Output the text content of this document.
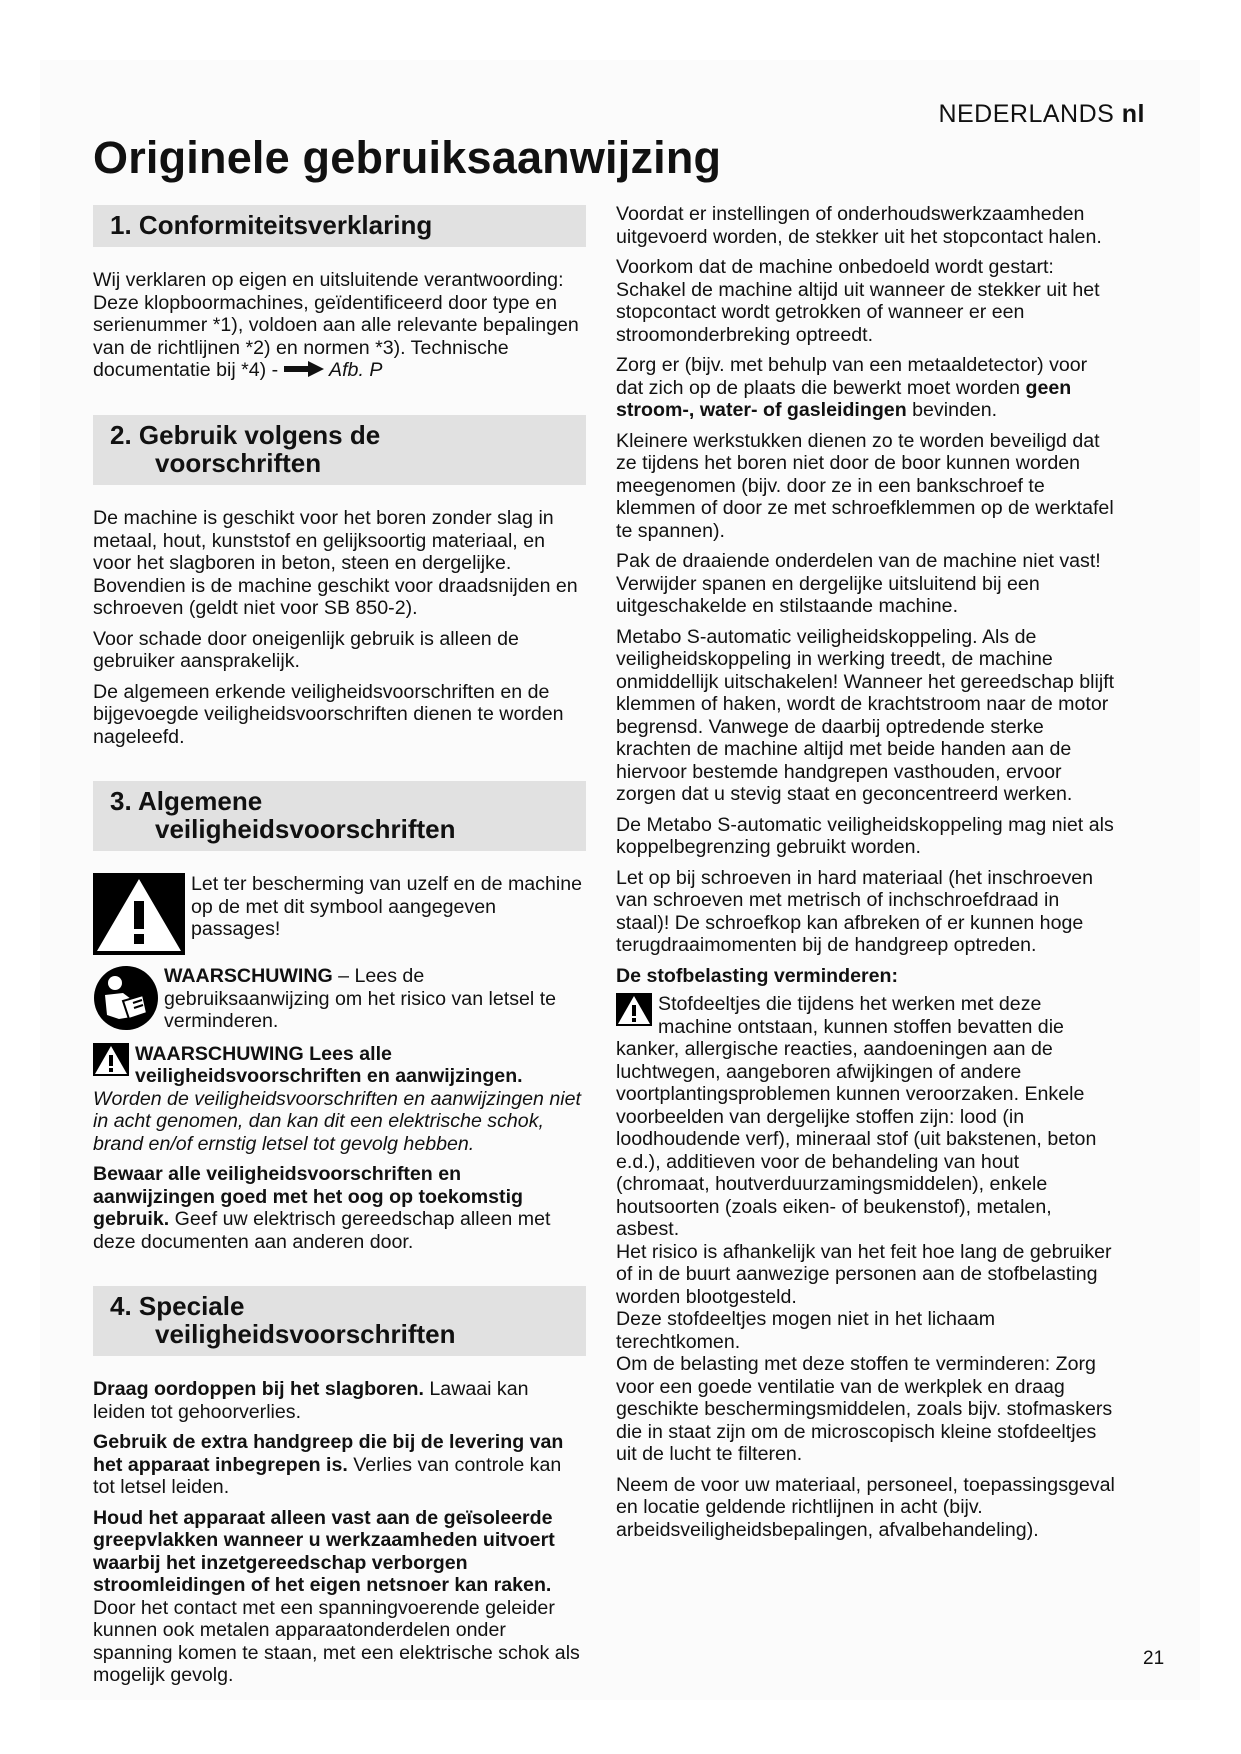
NEDERLANDS nl
Originele gebruiksaanwijzing
1. Conformiteitsverklaring

Wij verklaren op eigen en uitsluitende verantwoording: Deze klopboormachines, geïdentificeerd door type en serienummer *1), voldoen aan alle relevante bepalingen van de richtlijnen *2) en normen *3). Technische documentatie bij *4) -  Afb. P

2. Gebruik volgens de
voorschriften

De machine is geschikt voor het boren zonder slag in metaal, hout, kunststof en gelijksoortig materiaal, en voor het slagboren in beton, steen en dergelijke. Bovendien is de machine geschikt voor draadsnijden en schroeven (geldt niet voor SB 850-2).

Voor schade door oneigenlijk gebruik is alleen de gebruiker aansprakelijk.

De algemeen erkende veiligheidsvoorschriften en de bijgevoegde veiligheidsvoorschriften dienen te worden nageleefd.

3. Algemene
veiligheidsvoorschriften

Let ter bescherming van uzelf en de machine op de met dit symbool aangegeven passages!

WAARSCHUWING – Lees de gebruiksaanwijzing om het risico van letsel te verminderen.

WAARSCHUWING Lees alle veiligheidsvoorschriften en aanwijzingen. Worden de veiligheidsvoorschriften en aanwijzingen niet in acht genomen, dan kan dit een elektrische schok, brand en/of ernstig letsel tot gevolg hebben.

Bewaar alle veiligheidsvoorschriften en aanwijzingen goed met het oog op toekomstig gebruik. Geef uw elektrisch gereedschap alleen met deze documenten aan anderen door.

4. Speciale
veiligheidsvoorschriften

Draag oordoppen bij het slagboren. Lawaai kan leiden tot gehoorverlies.

Gebruik de extra handgreep die bij de levering van het apparaat inbegrepen is. Verlies van controle kan tot letsel leiden.

Houd het apparaat alleen vast aan de geïsoleerde greepvlakken wanneer u werkzaamheden uitvoert waarbij het inzetgereedschap verborgen stroomleidingen of het eigen netsnoer kan raken. Door het contact met een spanningvoerende geleider kunnen ook metalen apparaatonderdelen onder spanning komen te staan, met een elektrische schok als mogelijk gevolg.

Voordat er instellingen of onderhoudswerkzaamheden uitgevoerd worden, de stekker uit het stopcontact halen.

Voorkom dat de machine onbedoeld wordt gestart: Schakel de machine altijd uit wanneer de stekker uit het stopcontact wordt getrokken of wanneer er een stroomonderbreking optreedt.

Zorg er (bijv. met behulp van een metaaldetector) voor dat zich op de plaats die bewerkt moet worden geen stroom-, water- of gasleidingen bevinden.

Kleinere werkstukken dienen zo te worden beveiligd dat ze tijdens het boren niet door de boor kunnen worden meegenomen (bijv. door ze in een bankschroef te klemmen of door ze met schroefklemmen op de werktafel te spannen).

Pak de draaiende onderdelen van de machine niet vast! Verwijder spanen en dergelijke uitsluitend bij een uitgeschakelde en stilstaande machine.

Metabo S-automatic veiligheidskoppeling. Als de veiligheidskoppeling in werking treedt, de machine onmiddellijk uitschakelen! Wanneer het gereedschap blijft klemmen of haken, wordt de krachtstroom naar de motor begrensd. Vanwege de daarbij optredende sterke krachten de machine altijd met beide handen aan de hiervoor bestemde handgrepen vasthouden, ervoor zorgen dat u stevig staat en geconcentreerd werken.

De Metabo S-automatic veiligheidskoppeling mag niet als koppelbegrenzing gebruikt worden.

Let op bij schroeven in hard materiaal (het inschroeven van schroeven met metrisch of inchschroefdraad in staal)! De schroefkop kan afbreken of er kunnen hoge terugdraaimomenten bij de handgreep optreden.

De stofbelasting verminderen:

Stofdeeltjes die tijdens het werken met deze machine ontstaan, kunnen stoffen bevatten die kanker, allergische reacties, aandoeningen aan de luchtwegen, aangeboren afwijkingen of andere voortplantingsproblemen kunnen veroorzaken. Enkele voorbeelden van dergelijke stoffen zijn: lood (in loodhoudende verf), mineraal stof (uit bakstenen, beton e.d.), additieven voor de behandeling van hout (chromaat, houtverduurzamingsmiddelen), enkele houtsoorten (zoals eiken- of beukenstof), metalen, asbest.

Het risico is afhankelijk van het feit hoe lang de gebruiker of in de buurt aanwezige personen aan de stofbelasting worden blootgesteld.

Deze stofdeeltjes mogen niet in het lichaam terechtkomen.

Om de belasting met deze stoffen te verminderen: Zorg voor een goede ventilatie van de werkplek en draag geschikte beschermingsmiddelen, zoals bijv. stofmaskers die in staat zijn om de microscopisch kleine stofdeeltjes uit de lucht te filteren.

Neem de voor uw materiaal, personeel, toepassingsgeval en locatie geldende richtlijnen in acht (bijv. arbeidsveiligheidsbepalingen, afvalbehandeling).

21
